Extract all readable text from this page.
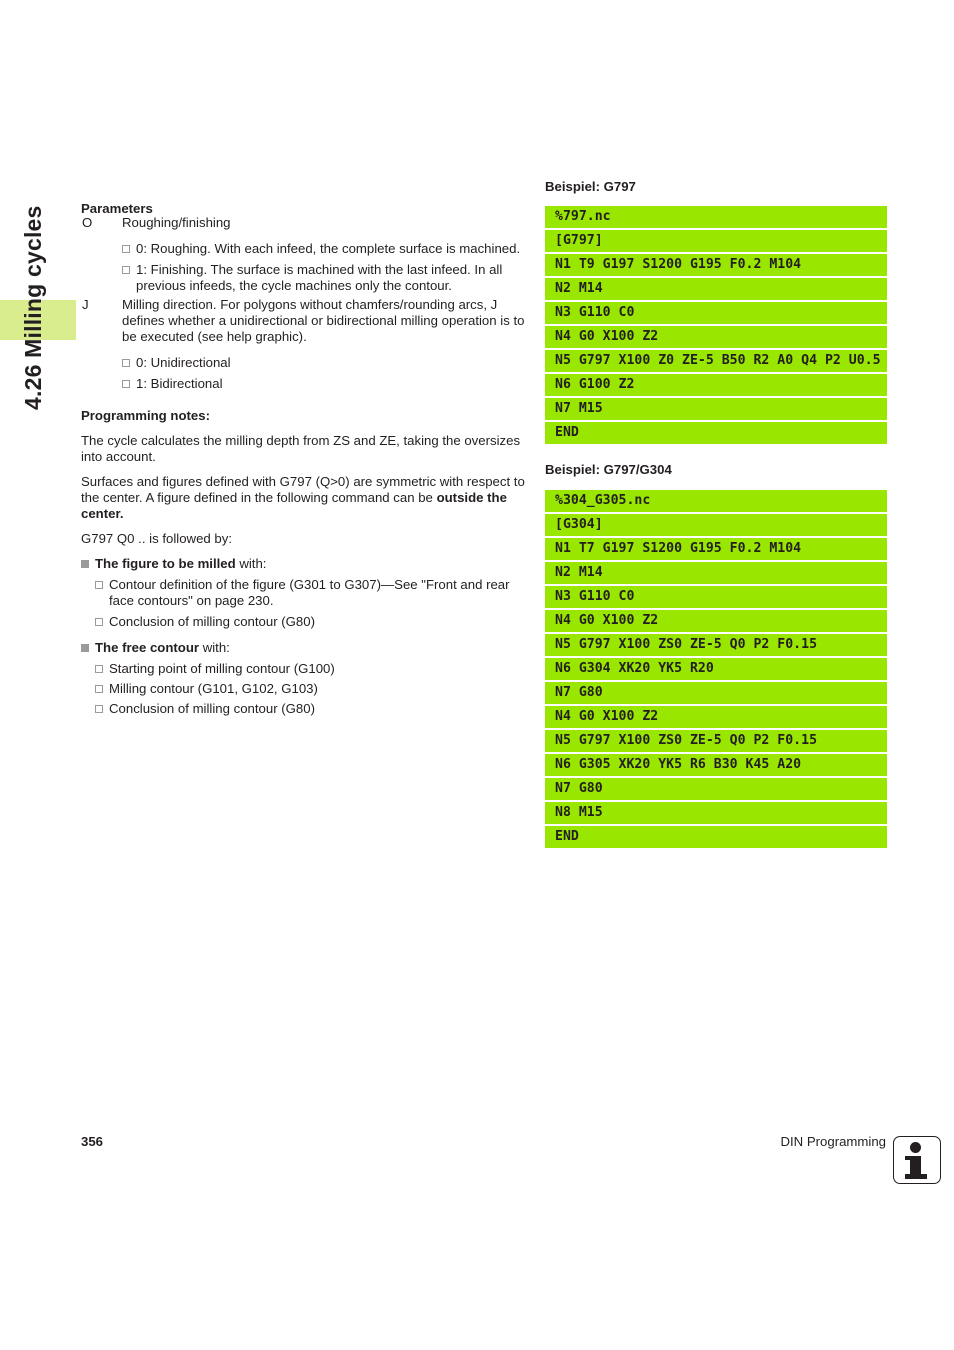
4.26 Milling cycles	Parameters

O Roughing/finishing
0: Roughing. With each infeed, the complete surface is machined.
1: Finishing. The surface is machined with the last infeed. In all previous infeeds, the cycle machines only the contour.
J	Milling direction. For polygons without chamfers/rounding arcs, J defines whether a unidirectional or bidirectional milling operation is to be executed (see help graphic).
0: Unidirectional
1: Bidirectional

Programming notes:

The cycle calculates the milling depth from ZS and ZE, taking the oversizes into account.

Surfaces and figures defined with G797 (Q>0) are symmetric with respect to the center. A figure defined in the following command can be outside the center.

G797 Q0 .. is followed by:

The figure to be milled with:
Contour definition of the figure (G301 to G307)—See "Front and rear face contours" on page 230.
Conclusion of milling contour (G80)
The free contour with:
Starting point of milling contour (G100)
Milling contour (G101, G102, G103)
Conclusion of milling contour (G80)
Beispiel: G797
%797.nc
[G797]
N1 T9 G197 S1200 G195 F0.2 M104
N2 M14
N3 G110 C0
N4 G0 X100 Z2
N5 G797 X100 Z0 ZE-5 B50 R2 A0 Q4 P2 U0.5
N6 G100 Z2
N7 M15
END
Beispiel: G797/G304
%304_G305.nc
[G304]
N1 T7 G197 S1200 G195 F0.2 M104
N2 M14
N3 G110 C0
N4 G0 X100 Z2
N5 G797 X100 ZS0 ZE-5 Q0 P2 F0.15
N6 G304 XK20 YK5 R20
N7 G80
N4 G0 X100 Z2
N5 G797 X100 ZS0 ZE-5 Q0 P2 F0.15
N6 G305 XK20 YK5 R6 B30 K45 A20
N7 G80
N8 M15
END
356	DIN Programming
